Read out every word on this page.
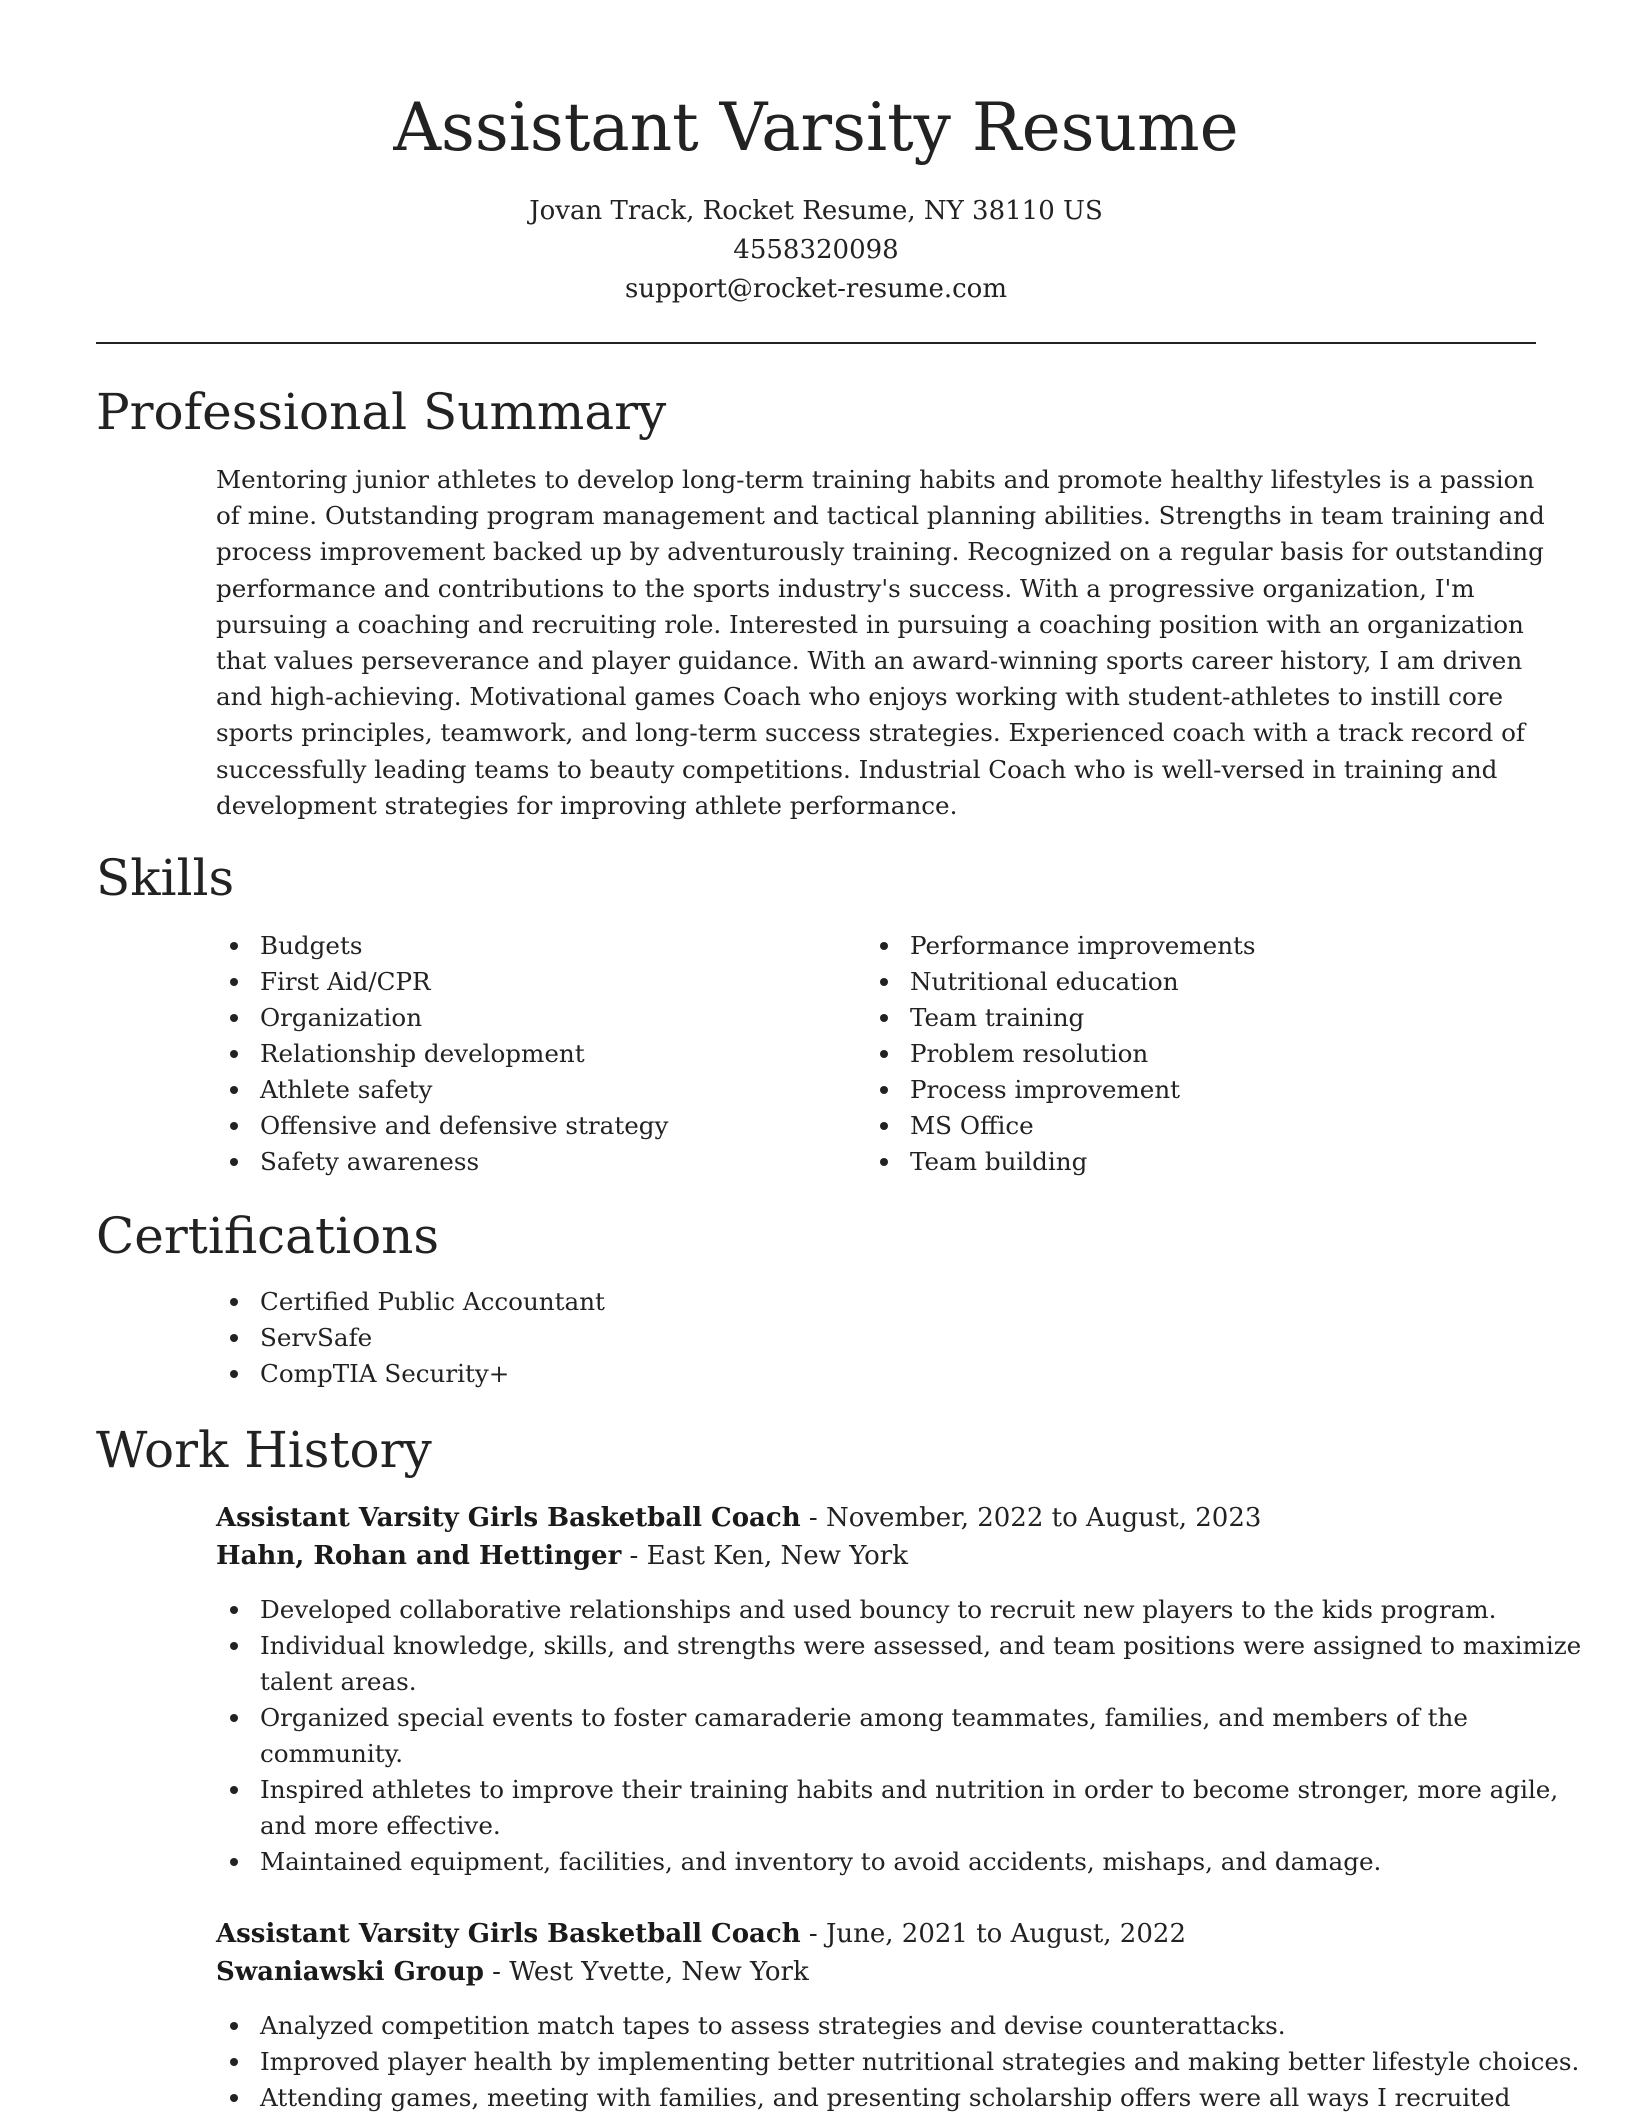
Assistant Varsity Resume
Jovan Track, Rocket Resume, NY 38110 US
4558320098
support@rocket-resume.com
Professional Summary

Mentoring junior athletes to develop long-term training habits and promote healthy lifestyles is a passion of mine. Outstanding program management and tactical planning abilities. Strengths in team training and process improvement backed up by adventurously training. Recognized on a regular basis for outstanding performance and contributions to the sports industry's success. With a progressive organization, I'm pursuing a coaching and recruiting role. Interested in pursuing a coaching position with an organization that values perseverance and player guidance. With an award-winning sports career history, I am driven and high-achieving. Motivational games Coach who enjoys working with student-athletes to instill core sports principles, teamwork, and long-term success strategies. Experienced coach with a track record of successfully leading teams to beauty competitions. Industrial Coach who is well-versed in training and development strategies for improving athlete performance.

Skills
Budgets
First Aid/CPR
Organization
Relationship development
Athlete safety
Offensive and defensive strategy
Safety awareness
Performance improvements
Nutritional education
Team training
Problem resolution
Process improvement
MS Office
Team building
Certifications
Certified Public Accountant
ServSafe
CompTIA Security+
Work History
Assistant Varsity Girls Basketball Coach - November, 2022 to August, 2023
Hahn, Rohan and Hettinger - East Ken, New York
Developed collaborative relationships and used bouncy to recruit new players to the kids program.
Individual knowledge, skills, and strengths were assessed, and team positions were assigned to maximize talent areas.
Organized special events to foster camaraderie among teammates, families, and members of the community.
Inspired athletes to improve their training habits and nutrition in order to become stronger, more agile, and more effective.
Maintained equipment, facilities, and inventory to avoid accidents, mishaps, and damage.
Assistant Varsity Girls Basketball Coach - June, 2021 to August, 2022
Swaniawski Group - West Yvette, New York
Analyzed competition match tapes to assess strategies and devise counterattacks.
Improved player health by implementing better nutritional strategies and making better lifestyle choices.
Attending games, meeting with families, and presenting scholarship offers were all ways I recruited
